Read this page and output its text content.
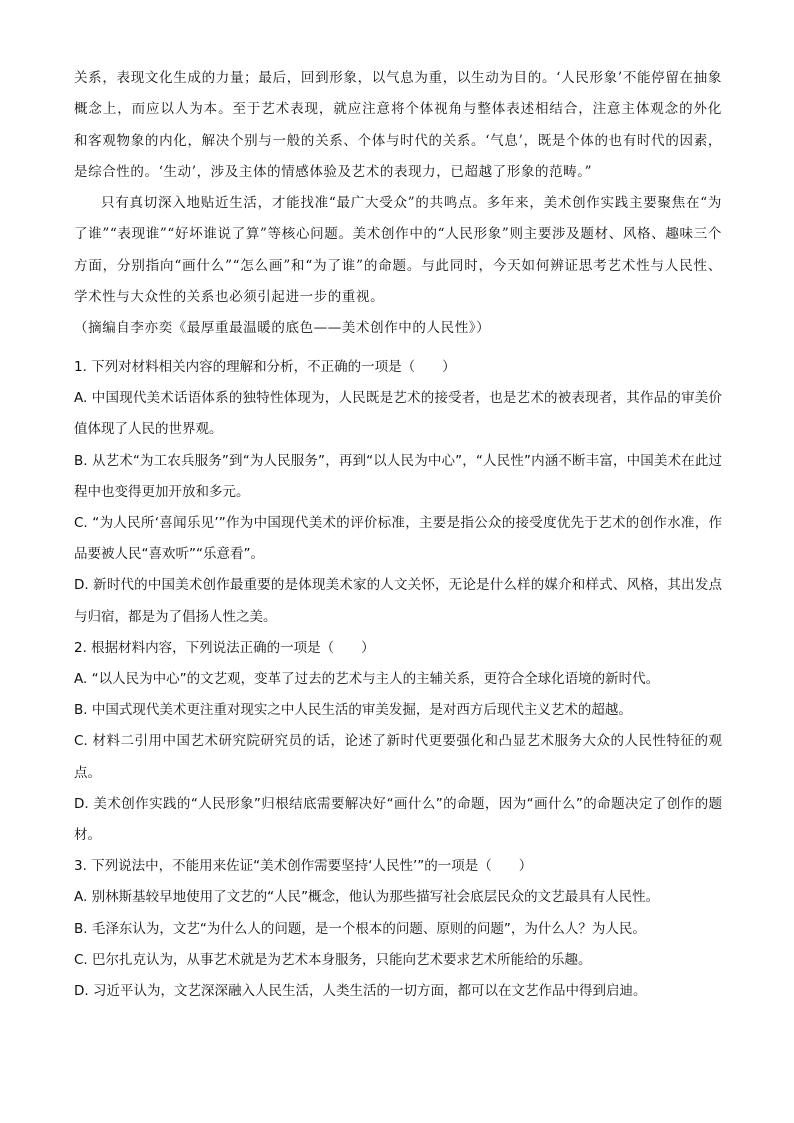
关系，表现文化生成的力量；最后，回到形象，以气息为重，以生动为目的。‘人民形象’不能停留在抽象概念上，而应以人为本。至于艺术表现，就应注意将个体视角与整体表述相结合，注意主体观念的外化和客观物象的内化，解决个别与一般的关系、个体与时代的关系。‘气息’，既是个体的也有时代的因素，是综合性的。‘生动’，涉及主体的情感体验及艺术的表现力，已超越了形象的范畴。”

只有真切深入地贴近生活，才能找准“最广大受众”的共鸣点。多年来，美术创作实践主要聚焦在“为了谁”“表现谁”“好坏谁说了算”等核心问题。美术创作中的“人民形象”则主要涉及题材、风格、趣味三个方面，分别指向“画什么”“怎么画”和“为了谁”的命题。与此同时，今天如何辨证思考艺术性与人民性、学术性与大众性的关系也必须引起进一步的重视。

（摘编自李亦奕《最厚重最温暖的底色——美术创作中的人民性》）

1. 下列对材料相关内容的理解和分析，不正确的一项是（　　）

A. 中国现代美术话语体系的独特性体现为，人民既是艺术的接受者，也是艺术的被表现者，其作品的审美价值体现了人民的世界观。

B. 从艺术“为工农兵服务”到“为人民服务”，再到“以人民为中心”，“人民性”内涵不断丰富，中国美术在此过程中也变得更加开放和多元。

C. “为人民所‘喜闻乐见’”作为中国现代美术的评价标准，主要是指公众的接受度优先于艺术的创作水准，作品要被人民“喜欢听”“乐意看”。

D. 新时代的中国美术创作最重要的是体现美术家的人文关怀，无论是什么样的媒介和样式、风格，其出发点与归宿，都是为了倡扬人性之美。

2. 根据材料内容，下列说法正确的一项是（　　）

A. “以人民为中心”的文艺观，变革了过去的艺术与主人的主辅关系，更符合全球化语境的新时代。

B. 中国式现代美术更注重对现实之中人民生活的审美发掘，是对西方后现代主义艺术的超越。

C. 材料二引用中国艺术研究院研究员的话，论述了新时代更要强化和凸显艺术服务大众的人民性特征的观点。

D. 美术创作实践的“人民形象”归根结底需要解决好“画什么”的命题，因为“画什么”的命题决定了创作的题材。

3. 下列说法中，不能用来佐证“美术创作需要坚持‘人民性’”的一项是（　　）

A. 别林斯基较早地使用了文艺的“人民”概念，他认为那些描写社会底层民众的文艺最具有人民性。

B. 毛泽东认为，文艺“为什么人的问题，是一个根本的问题、原则的问题”，为什么人？为人民。

C. 巴尔扎克认为，从事艺术就是为艺术本身服务，只能向艺术要求艺术所能给的乐趣。

D. 习近平认为，文艺深深融入人民生活，人类生活的一切方面，都可以在文艺作品中得到启迪。
